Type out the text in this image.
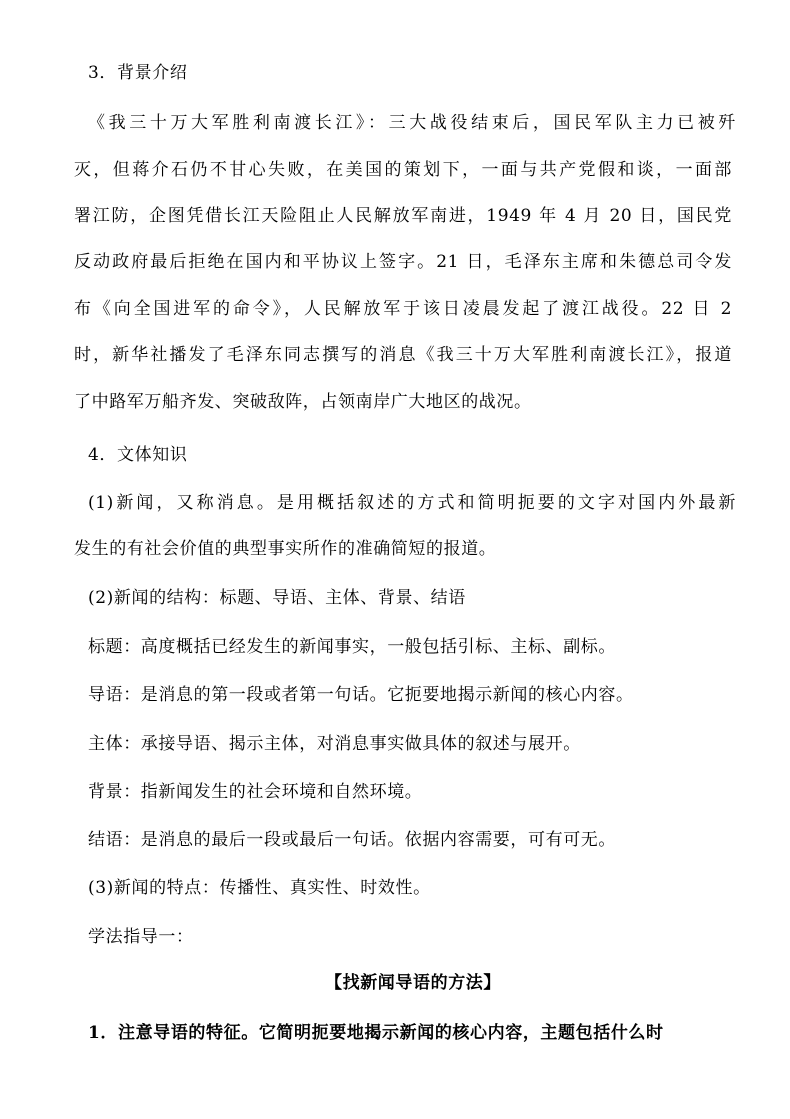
3．背景介绍
《我三十万大军胜利南渡长江》：三大战役结束后，国民军队主力已被歼
灭，但蒋介石仍不甘心失败，在美国的策划下，一面与共产党假和谈，一面部
署江防，企图凭借长江天险阻止人民解放军南进，1949 年 4 月 20 日，国民党
反动政府最后拒绝在国内和平协议上签字。21 日，毛泽东主席和朱德总司令发
布《向全国进军的命令》，人民解放军于该日凌晨发起了渡江战役。22 日 2
时，新华社播发了毛泽东同志撰写的消息《我三十万大军胜利南渡长江》，报道
了中路军万船齐发、突破敌阵，占领南岸广大地区的战况。
4．文体知识
(1)新闻，又称消息。是用概括叙述的方式和简明扼要的文字对国内外最新
发生的有社会价值的典型事实所作的准确简短的报道。
(2)新闻的结构：标题、导语、主体、背景、结语
标题：高度概括已经发生的新闻事实，一般包括引标、主标、副标。
导语：是消息的第一段或者第一句话。它扼要地揭示新闻的核心内容。
主体：承接导语、揭示主体，对消息事实做具体的叙述与展开。
背景：指新闻发生的社会环境和自然环境。
结语：是消息的最后一段或最后一句话。依据内容需要，可有可无。
(3)新闻的特点：传播性、真实性、时效性。
学法指导一：
【找新闻导语的方法】
1．注意导语的特征。它简明扼要地揭示新闻的核心内容，主题包括什么时
